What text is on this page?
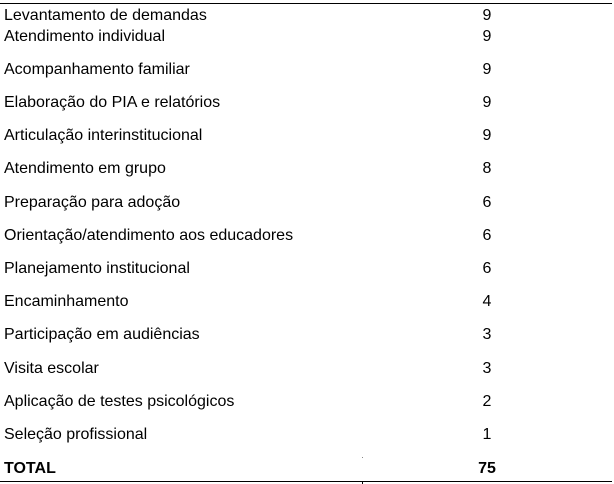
Levantamento de demandas	9
Atendimento individual	9
Acompanhamento familiar	9
Elaboração do PIA e relatórios	9
Articulação interinstitucional	9
Atendimento em grupo	8
Preparação para adoção	6
Orientação/atendimento aos educadores	6
Planejamento institucional	6
Encaminhamento	4
Participação em audiências	3
Visita escolar	3
Aplicação de testes psicológicos	2
Seleção profissional	1
TOTAL	75
